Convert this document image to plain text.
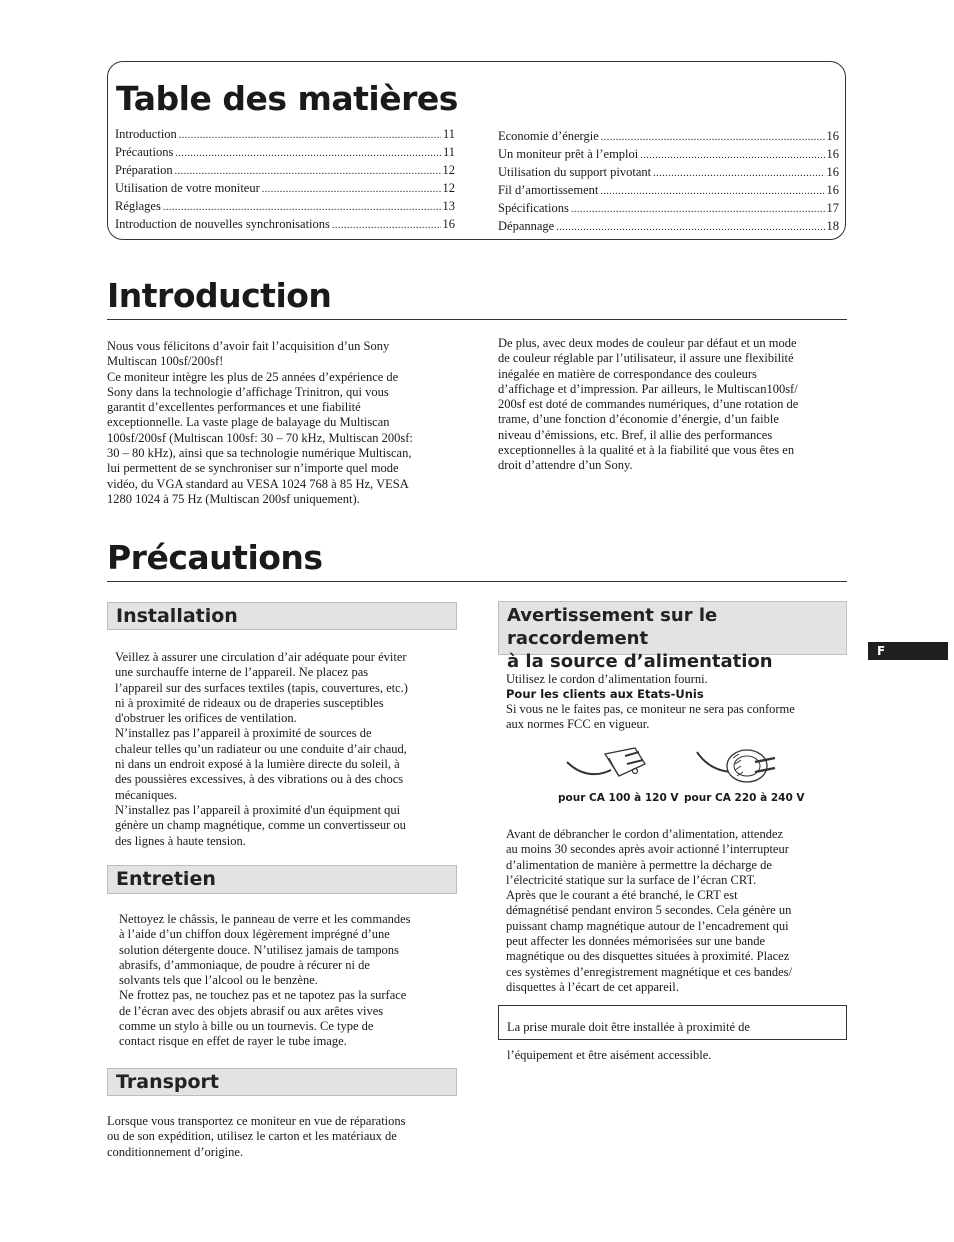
Table des matières
Introduction .....	11
Précautions .....	11
Préparation .....	12
Utilisation de votre moniteur .....	12
Réglages .....	13
Introduction de nouvelles synchronisations .....	16
Economie d’énergie .....	16
Un moniteur prêt à l’emploi .....	16
Utilisation du support pivotant .....	16
Fil d’amortissement .....	16
Spécifications .....	17
Dépannage .....	18
Introduction

Nous vous félicitons d’avoir fait l’acquisition d’un Sony

Multiscan 100sf/200sf!

Ce moniteur intègre les plus de 25 années d’expérience de

Sony dans la technologie d’affichage Trinitron, qui vous

garantit d’excellentes performances et une fiabilité

exceptionnelle. La vaste plage de balayage du Multiscan

100sf/200sf (Multiscan 100sf: 30 – 70 kHz, Multiscan 200sf:

30 – 80 kHz), ainsi que sa technologie numérique Multiscan,

lui permettent de se synchroniser sur n’importe quel mode

vidéo, du VGA standard au VESA 1024 768 à 85 Hz, VESA

1280 1024 à 75 Hz (Multiscan 200sf uniquement).

De plus, avec deux modes de couleur par défaut et un mode

de couleur réglable par l’utilisateur, il assure une flexibilité

inégalée en matière de correspondance des couleurs

d’affichage et d’impression. Par ailleurs, le Multiscan100sf/

200sf est doté de commandes numériques, d’une rotation de

trame, d’une fonction d’économie d’énergie, d’un faible

niveau d’émissions, etc. Bref, il allie des performances

exceptionnelles à la qualité et à la fiabilité que vous êtes en

droit d’attendre d’un Sony.

Précautions
Installation

Veillez à assurer une circulation d’air adéquate pour éviter

une surchauffe interne de l’appareil. Ne placez pas

l’appareil sur des surfaces textiles (tapis, couvertures, etc.)

ni à proximité de rideaux ou de draperies susceptibles

d'obstruer les orifices de ventilation.

N’installez pas l’appareil à proximité de sources de

chaleur telles qu’un radiateur ou une conduite d’air chaud,

ni dans un endroit exposé à la lumière directe du soleil, à

des poussières excessives, à des vibrations ou à des chocs

mécaniques.

N’installez pas l’appareil à proximité d'un équipment qui

génère un champ magnétique, comme un convertisseur ou

des lignes à haute tension.

Entretien

Nettoyez le châssis, le panneau de verre et les commandes

à l’aide d’un chiffon doux légèrement imprégné d’une

solution détergente douce. N’utilisez jamais de tampons

abrasifs, d’ammoniaque, de poudre à récurer ni de

solvants tels que l’alcool ou le benzène.

Ne frottez pas, ne touchez pas et ne tapotez pas la surface

de l’écran avec des objets abrasif ou aux arêtes vives

comme un stylo à bille ou un tournevis. Ce type de

contact risque en effet de rayer le tube image.

Transport

Lorsque vous transportez ce moniteur en vue de réparations

ou de son expédition, utilisez le carton et les matériaux de

conditionnement d’origine.

Avertissement sur le raccordement
à la source d’alimentation
Utilisez le cordon d’alimentation fourni.
Pour les clients aux Etats-Unis

Si vous ne le faites pas, ce moniteur ne sera pas conforme

aux normes FCC en vigueur.

pour CA 100 à 120 V pour CA 220 à 240 V

Avant de débrancher le cordon d’alimentation, attendez

au moins 30 secondes après avoir actionné l’interrupteur

d’alimentation de manière à permettre la décharge de

l’électricité statique sur la surface de l’écran CRT.

Après que le courant a été branché, le CRT est

démagnétisé pendant environ 5 secondes. Cela génère un

puissant champ magnétique autour de l’encadrement qui

peut affecter les données mémorisées sur une bande

magnétique ou des disquettes situées à proximité. Placez

ces systèmes d’enregistrement magnétique et ces bandes/

disquettes à l’écart de cet appareil.

La prise murale doit être installée à proximité de

l’équipement et être aisément accessible.

F
